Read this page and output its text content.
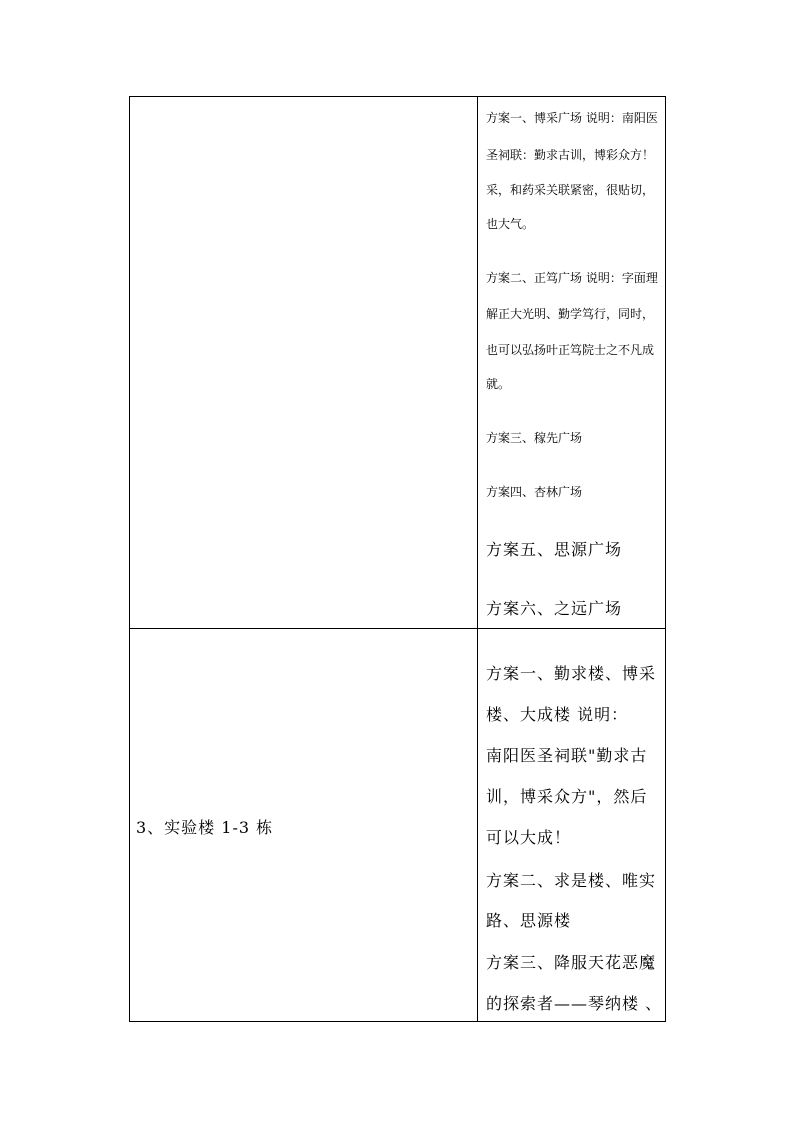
方案一、博采广场 说明：南阳医
圣祠联：勤求古训，博彩众方！
采，和药采关联紧密，很贴切，
也大气。
方案二、正笃广场 说明：字面理
解正大光明、勤学笃行，同时，
也可以弘扬叶正笃院士之不凡成
就。
方案三、稼先广场
方案四、杏林广场
方案五、思源广场
方案六、之远广场
3、实验楼 1-3 栋
方案一、勤求楼、博采
楼、大成楼 说明：
南阳医圣祠联"勤求古
训，博采众方"，然后
可以大成！
方案二、求是楼、唯实
路、思源楼
方案三、降服天花恶魔
的探索者——琴纳楼 、
